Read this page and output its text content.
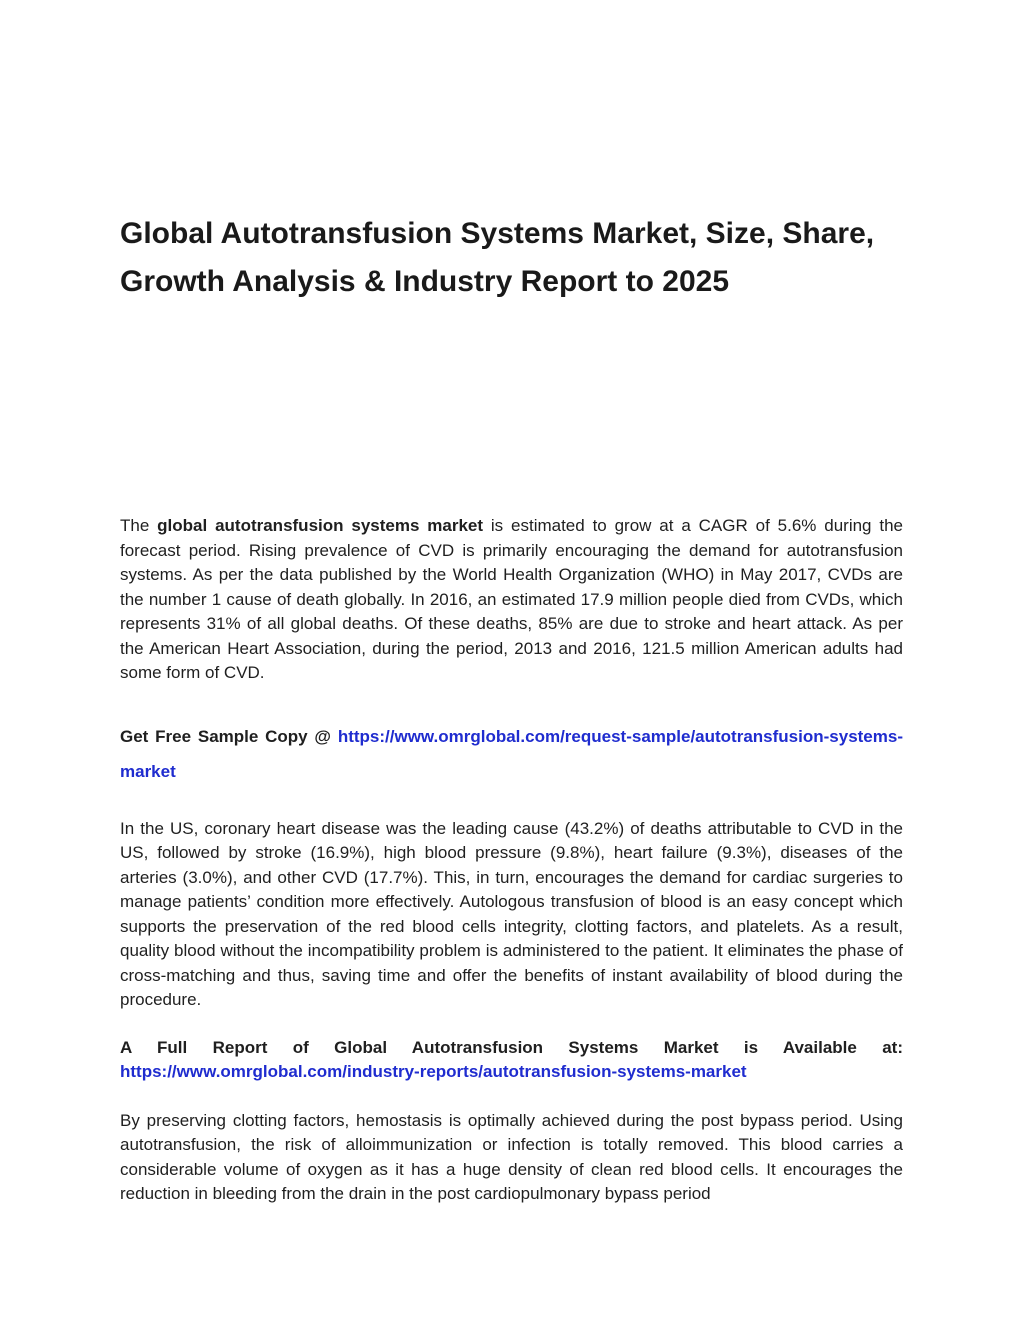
Global Autotransfusion Systems Market, Size, Share,
Growth Analysis & Industry Report to 2025

The global autotransfusion systems market is estimated to grow at a CAGR of 5.6% during the forecast period. Rising prevalence of CVD is primarily encouraging the demand for autotransfusion systems. As per the data published by the World Health Organization (WHO) in May 2017, CVDs are the number 1 cause of death globally. In 2016, an estimated 17.9 million people died from CVDs, which represents 31% of all global deaths. Of these deaths, 85% are due to stroke and heart attack. As per the American Heart Association, during the period, 2013 and 2016, 121.5 million American adults had some form of CVD.

Get Free Sample Copy @ https://www.omrglobal.com/request-sample/autotransfusion-systems-market

In the US, coronary heart disease was the leading cause (43.2%) of deaths attributable to CVD in the US, followed by stroke (16.9%), high blood pressure (9.8%), heart failure (9.3%), diseases of the arteries (3.0%), and other CVD (17.7%). This, in turn, encourages the demand for cardiac surgeries to manage patients’ condition more effectively. Autologous transfusion of blood is an easy concept which supports the preservation of the red blood cells integrity, clotting factors, and platelets. As a result, quality blood without the incompatibility problem is administered to the patient. It eliminates the phase of cross-matching and thus, saving time and offer the benefits of instant availability of blood during the procedure.

A Full Report of Global Autotransfusion Systems Market is Available at:
https://www.omrglobal.com/industry-reports/autotransfusion-systems-market

By preserving clotting factors, hemostasis is optimally achieved during the post bypass period. Using autotransfusion, the risk of alloimmunization or infection is totally removed. This blood carries a considerable volume of oxygen as it has a huge density of clean red blood cells. It encourages the reduction in bleeding from the drain in the post cardiopulmonary bypass period
